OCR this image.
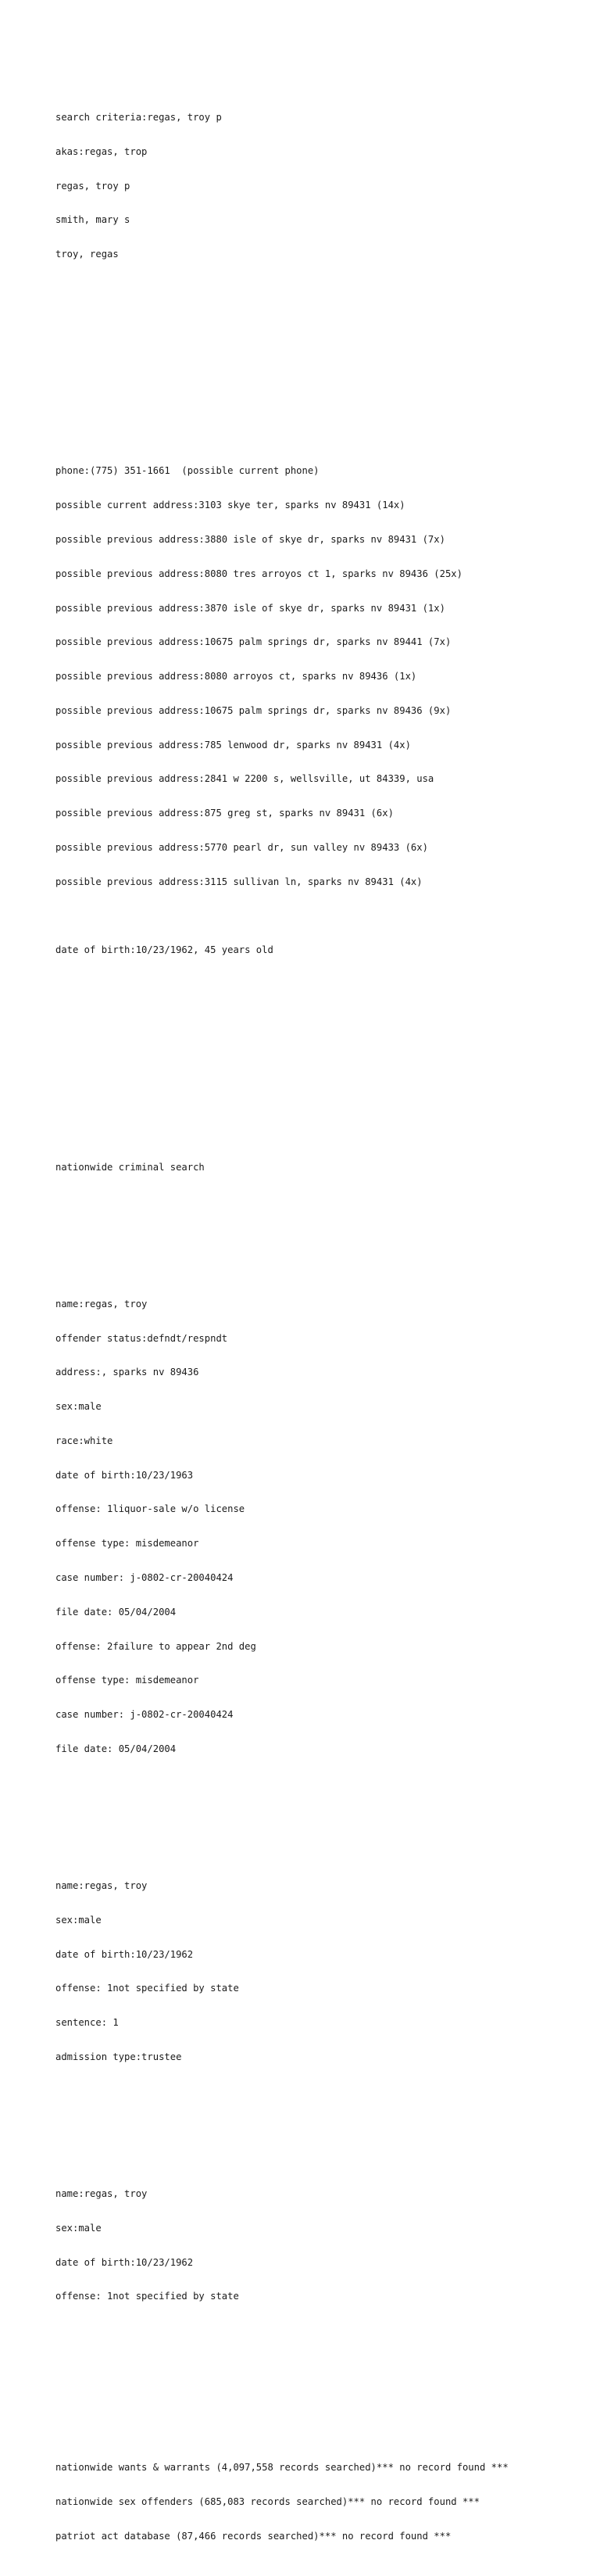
search criteria:regas, troy p

akas:regas, trop

regas, troy p

smith, mary s

troy, regas

phone:(775) 351-1661  (possible current phone)

possible current address:3103 skye ter, sparks nv 89431 (14x)

possible previous address:3880 isle of skye dr, sparks nv 89431 (7x)

possible previous address:8080 tres arroyos ct 1, sparks nv 89436 (25x)

possible previous address:3870 isle of skye dr, sparks nv 89431 (1x)

possible previous address:10675 palm springs dr, sparks nv 89441 (7x)

possible previous address:8080 arroyos ct, sparks nv 89436 (1x)

possible previous address:10675 palm springs dr, sparks nv 89436 (9x)

possible previous address:785 lenwood dr, sparks nv 89431 (4x)

possible previous address:2841 w 2200 s, wellsville, ut 84339, usa

possible previous address:875 greg st, sparks nv 89431 (6x)

possible previous address:5770 pearl dr, sun valley nv 89433 (6x)

possible previous address:3115 sullivan ln, sparks nv 89431 (4x)

date of birth:10/23/1962, 45 years old

nationwide criminal search

name:regas, troy

offender status:defndt/respndt

address:, sparks nv 89436

sex:male

race:white

date of birth:10/23/1963

offense: 1liquor-sale w/o license

offense type: misdemeanor

case number: j-0802-cr-20040424

file date: 05/04/2004

offense: 2failure to appear 2nd deg

offense type: misdemeanor

case number: j-0802-cr-20040424

file date: 05/04/2004

name:regas, troy

sex:male

date of birth:10/23/1962

offense: 1not specified by state

sentence: 1

admission type:trustee

name:regas, troy

sex:male

date of birth:10/23/1962

offense: 1not specified by state

nationwide wants & warrants (4,097,558 records searched)*** no record found ***

nationwide sex offenders (685,083 records searched)*** no record found ***

patriot act database (87,466 records searched)*** no record found ***
